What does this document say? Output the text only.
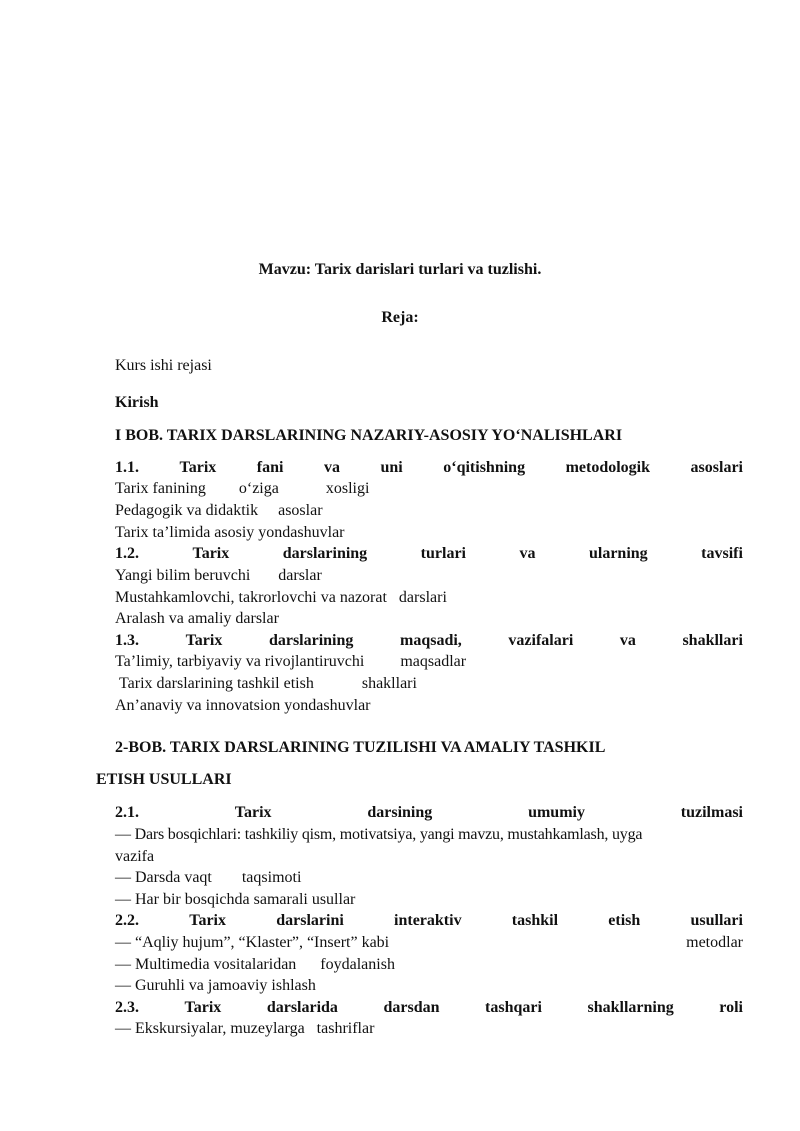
Mavzu: Tarix darislari turlari va tuzlishi.
Reja:
Kurs ishi rejasi
Kirish
I BOB. TARIX DARSLARINING NAZARIY-ASOSIY YO‘NALISHLARI
1.1.	Tarix	fani	va	uni	o‘qitishning	metodologik	asoslari
Tarix fanining o‘ziga	xosligi
Pedagogik va didaktik asoslar
Tarix ta’limida asosiy yondashuvlar
1.2.	Tarix	darslarining	turlari	va	ularning	tavsifi
Yangi bilim beruvchi darslar
Mustahkamlovchi, takrorlovchi va nazorat darslari
Aralash va amaliy darslar
1.3.	Tarix	darslarining	maqsadi,	vazifalari	va	shakllari
Ta’limiy, tarbiyaviy va rivojlantiruvchi maqsadlar
Tarix darslarining tashkil etish	shakllari
An’anaviy va innovatsion yondashuvlar
2-BOB. TARIX DARSLARINING TUZILISHI VA AMALIY TASHKIL
ETISH USULLARI
2.1.	Tarix	darsining	umumiy	tuzilmasi
— Dars bosqichlari: tashkiliy qism, motivatsiya, yangi mavzu, mustahkamlash, uyga
vazifa
— Darsda vaqt taqsimoti
— Har bir bosqichda samarali usullar
2.2.	Tarix	darslarini	interaktiv	tashkil	etish	usullari
— “Aqliy hujum”, “Klaster”, “Insert” kabi	metodlar
— Multimedia vositalaridan foydalanish
— Guruhli va jamoaviy ishlash
2.3.	Tarix	darslarida	darsdan	tashqari	shakllarning	roli
— Ekskursiyalar, muzeylarga tashriflar
